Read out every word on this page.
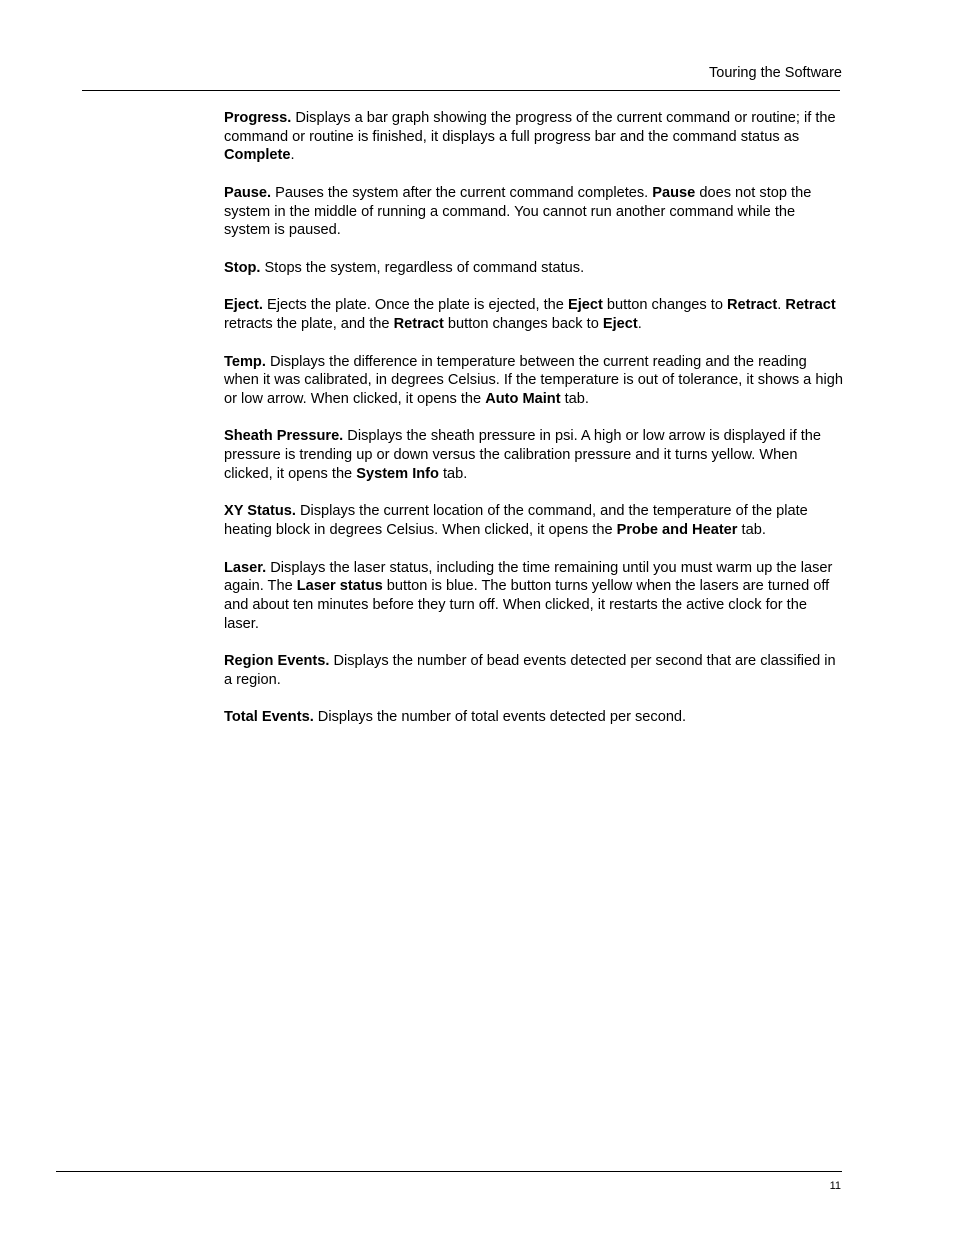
Touring the Software

Progress. Displays a bar graph showing the progress of the current command or routine; if the command or routine is finished, it displays a full progress bar and the command status as Complete.

Pause. Pauses the system after the current command completes. Pause does not stop the system in the middle of running a command. You cannot run another command while the system is paused.

Stop. Stops the system, regardless of command status.

Eject. Ejects the plate. Once the plate is ejected, the Eject button changes to Retract. Retract retracts the plate, and the Retract button changes back to Eject.

Temp. Displays the difference in temperature between the current reading and the reading when it was calibrated, in degrees Celsius. If the temperature is out of tolerance, it shows a high or low arrow. When clicked, it opens the Auto Maint tab.

Sheath Pressure. Displays the sheath pressure in psi. A high or low arrow is displayed if the pressure is trending up or down versus the calibration pressure and it turns yellow. When clicked, it opens the System Info tab.

XY Status. Displays the current location of the command, and the temperature of the plate heating block in degrees Celsius. When clicked, it opens the Probe and Heater tab.

Laser. Displays the laser status, including the time remaining until you must warm up the laser again. The Laser status button is blue. The button turns yellow when the lasers are turned off and about ten minutes before they turn off. When clicked, it restarts the active clock for the laser.

Region Events. Displays the number of bead events detected per second that are classified in a region.

Total Events. Displays the number of total events detected per second.

11
